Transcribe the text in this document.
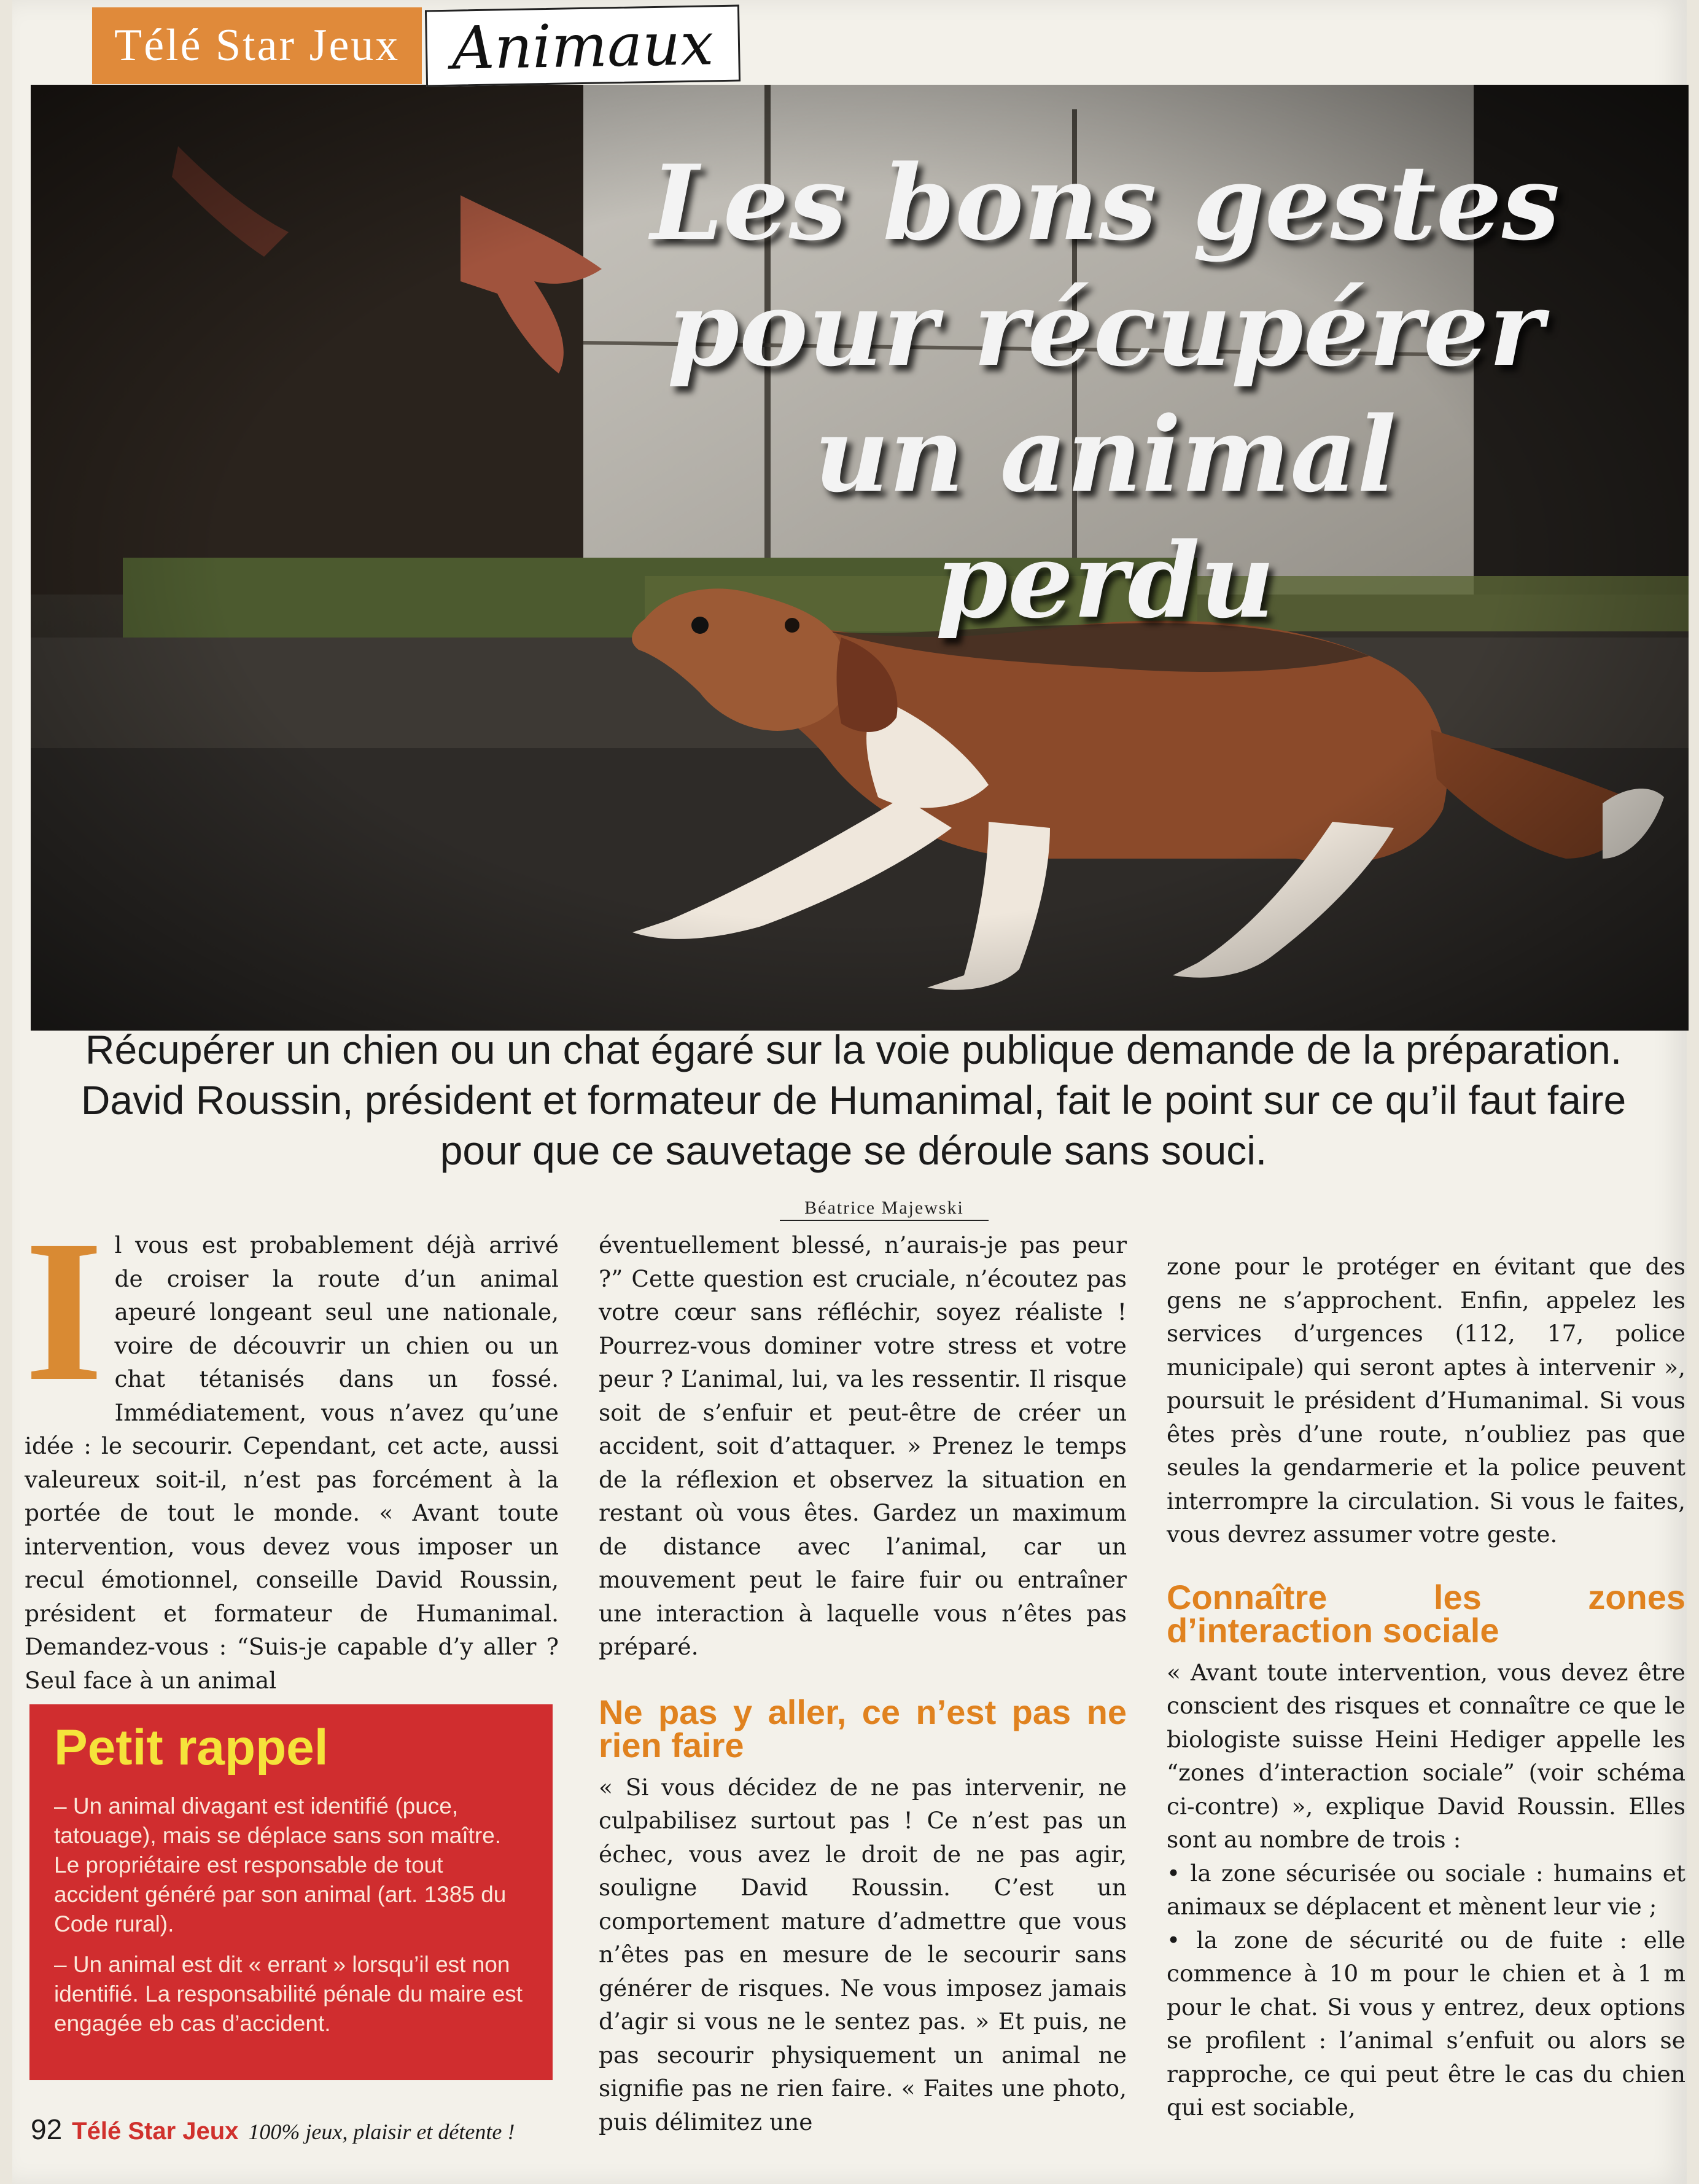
Télé Star Jeux Animaux
Les bons gestes pour récupérer un animal perdu
Récupérer un chien ou un chat égaré sur la voie publique demande de la préparation. David Roussin, président et formateur de Humanimal, fait le point sur ce qu’il faut faire pour que ce sauvetage se déroule sans souci.
Béatrice Majewski
I l vous est probablement déjà arrivé de croiser la route d’un animal apeuré longeant seul une nationale, voire de découvrir un chien ou un chat tétanisés dans un fossé. Immédiatement, vous n’avez qu’une idée : le secourir. Cependant, cet acte, aussi valeureux soit-il, n’est pas forcément à la portée de tout le monde. « Avant toute intervention, vous devez vous imposer un recul émotionnel, conseille David Roussin, président et formateur de Humanimal. Demandez-vous : “Suis-je capable d’y aller ? Seul face à un animal

Petit rappel

– Un animal divagant est identifié (puce, tatouage), mais se déplace sans son maître. Le propriétaire est responsable de tout accident généré par son animal (art. 1385 du Code rural).

– Un animal est dit « errant » lorsqu’il est non identifié. La responsabilité pénale du maire est engagée eb cas d’accident.

éventuellement blessé, n’aurais-je pas peur ?” Cette question est cruciale, n’écoutez pas votre cœur sans réfléchir, soyez réaliste ! Pourrez-vous dominer votre stress et votre peur ? L’animal, lui, va les ressentir. Il risque soit de s’enfuir et peut-être de créer un accident, soit d’attaquer. » Prenez le temps de la réflexion et observez la situation en restant où vous êtes. Gardez un maximum de distance avec l’animal, car un mouvement peut le faire fuir ou entraîner une interaction à laquelle vous n’êtes pas préparé.

Ne pas y aller, ce n’est pas ne rien faire

« Si vous décidez de ne pas intervenir, ne culpabilisez surtout pas ! Ce n’est pas un échec, vous avez le droit de ne pas agir, souligne David Roussin. C’est un comportement mature d’admettre que vous n’êtes pas en mesure de le secourir sans générer de risques. Ne vous imposez jamais d’agir si vous ne le sentez pas. » Et puis, ne pas secourir physiquement un animal ne signifie pas ne rien faire. « Faites une photo, puis délimitez une

zone pour le protéger en évitant que des gens ne s’approchent. Enfin, appelez les services d’urgences (112, 17, police municipale) qui seront aptes à intervenir », poursuit le président d’Humanimal. Si vous êtes près d’une route, n’oubliez pas que seules la gendarmerie et la police peuvent interrompre la circulation. Si vous le faites, vous devrez assumer votre geste.

Connaître les zones d’interaction sociale

« Avant toute intervention, vous devez être conscient des risques et connaître ce que le biologiste suisse Heini Hediger appelle les “zones d’interaction sociale” (voir schéma ci-contre) », explique David Roussin. Elles sont au nombre de trois :

• la zone sécurisée ou sociale : humains et animaux se déplacent et mènent leur vie ;

• la zone de sécurité ou de fuite : elle commence à 10 m pour le chien et à 1 m pour le chat. Si vous y entrez, deux options se profilent : l’animal s’enfuit ou alors se rapproche, ce qui peut être le cas du chien qui est sociable,

92 Télé Star Jeux 100% jeux, plaisir et détente !
